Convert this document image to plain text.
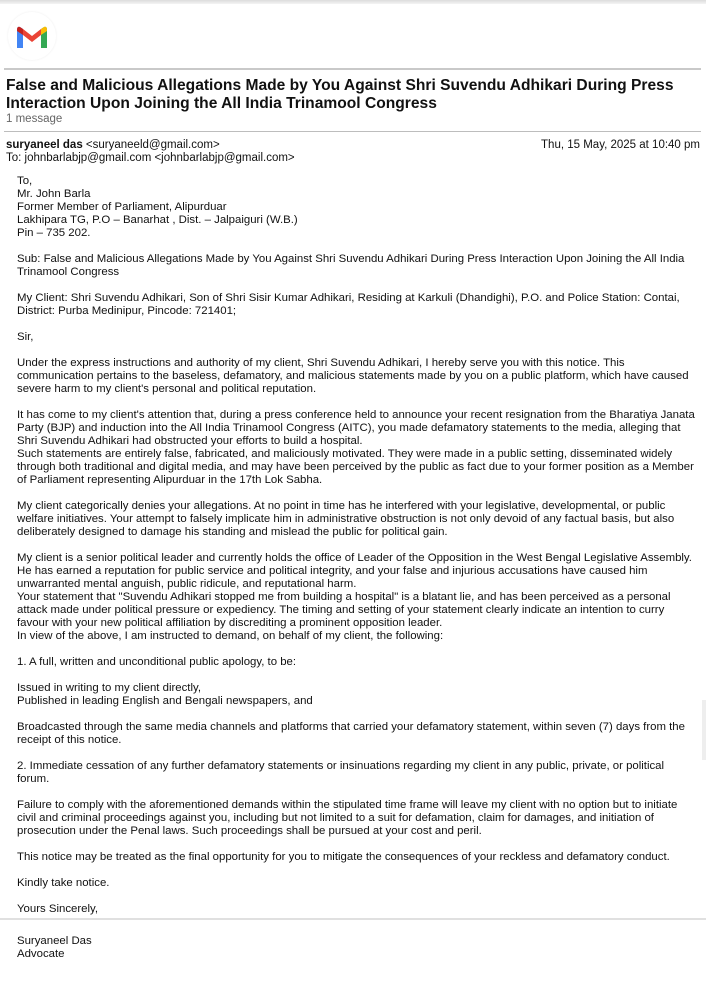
False and Malicious Allegations Made by You Against Shri Suvendu Adhikari During Press Interaction Upon Joining the All India Trinamool Congress
1 message
suryaneel das <suryaneeld@gmail.com>	Thu, 15 May, 2025 at 10:40 pm
To: johnbarlabjp@gmail.com <johnbarlabjp@gmail.com>

To,
Mr. John Barla
Former Member of Parliament, Alipurduar
Lakhipara TG, P.O – Banarhat , Dist. – Jalpaiguri (W.B.)
Pin – 735 202.

Sub: False and Malicious Allegations Made by You Against Shri Suvendu Adhikari During Press Interaction Upon Joining the All India Trinamool Congress

My Client: Shri Suvendu Adhikari, Son of Shri Sisir Kumar Adhikari, Residing at Karkuli (Dhandighi), P.O. and Police Station: Contai, District: Purba Medinipur, Pincode: 721401;

Sir,

Under the express instructions and authority of my client, Shri Suvendu Adhikari, I hereby serve you with this notice. This communication pertains to the baseless, defamatory, and malicious statements made by you on a public platform, which have caused severe harm to my client's personal and political reputation.

It has come to my client's attention that, during a press conference held to announce your recent resignation from the Bharatiya Janata Party (BJP) and induction into the All India Trinamool Congress (AITC), you made defamatory statements to the media, alleging that Shri Suvendu Adhikari had obstructed your efforts to build a hospital.
Such statements are entirely false, fabricated, and maliciously motivated. They were made in a public setting, disseminated widely through both traditional and digital media, and may have been perceived by the public as fact due to your former position as a Member of Parliament representing Alipurduar in the 17th Lok Sabha.

My client categorically denies your allegations. At no point in time has he interfered with your legislative, developmental, or public welfare initiatives. Your attempt to falsely implicate him in administrative obstruction is not only devoid of any factual basis, but also deliberately designed to damage his standing and mislead the public for political gain.

My client is a senior political leader and currently holds the office of Leader of the Opposition in the West Bengal Legislative Assembly. He has earned a reputation for public service and political integrity, and your false and injurious accusations have caused him unwarranted mental anguish, public ridicule, and reputational harm.
Your statement that "Suvendu Adhikari stopped me from building a hospital" is a blatant lie, and has been perceived as a personal attack made under political pressure or expediency. The timing and setting of your statement clearly indicate an intention to curry favour with your new political affiliation by discrediting a prominent opposition leader.
In view of the above, I am instructed to demand, on behalf of my client, the following:

1. A full, written and unconditional public apology, to be:

Issued in writing to my client directly,
Published in leading English and Bengali newspapers, and

Broadcasted through the same media channels and platforms that carried your defamatory statement, within seven (7) days from the receipt of this notice.

2. Immediate cessation of any further defamatory statements or insinuations regarding my client in any public, private, or political forum.

Failure to comply with the aforementioned demands within the stipulated time frame will leave my client with no option but to initiate civil and criminal proceedings against you, including but not limited to a suit for defamation, claim for damages, and initiation of prosecution under the Penal laws. Such proceedings shall be pursued at your cost and peril.

This notice may be treated as the final opportunity for you to mitigate the consequences of your reckless and defamatory conduct.

Kindly take notice.

Yours Sincerely,

Suryaneel Das
Advocate
